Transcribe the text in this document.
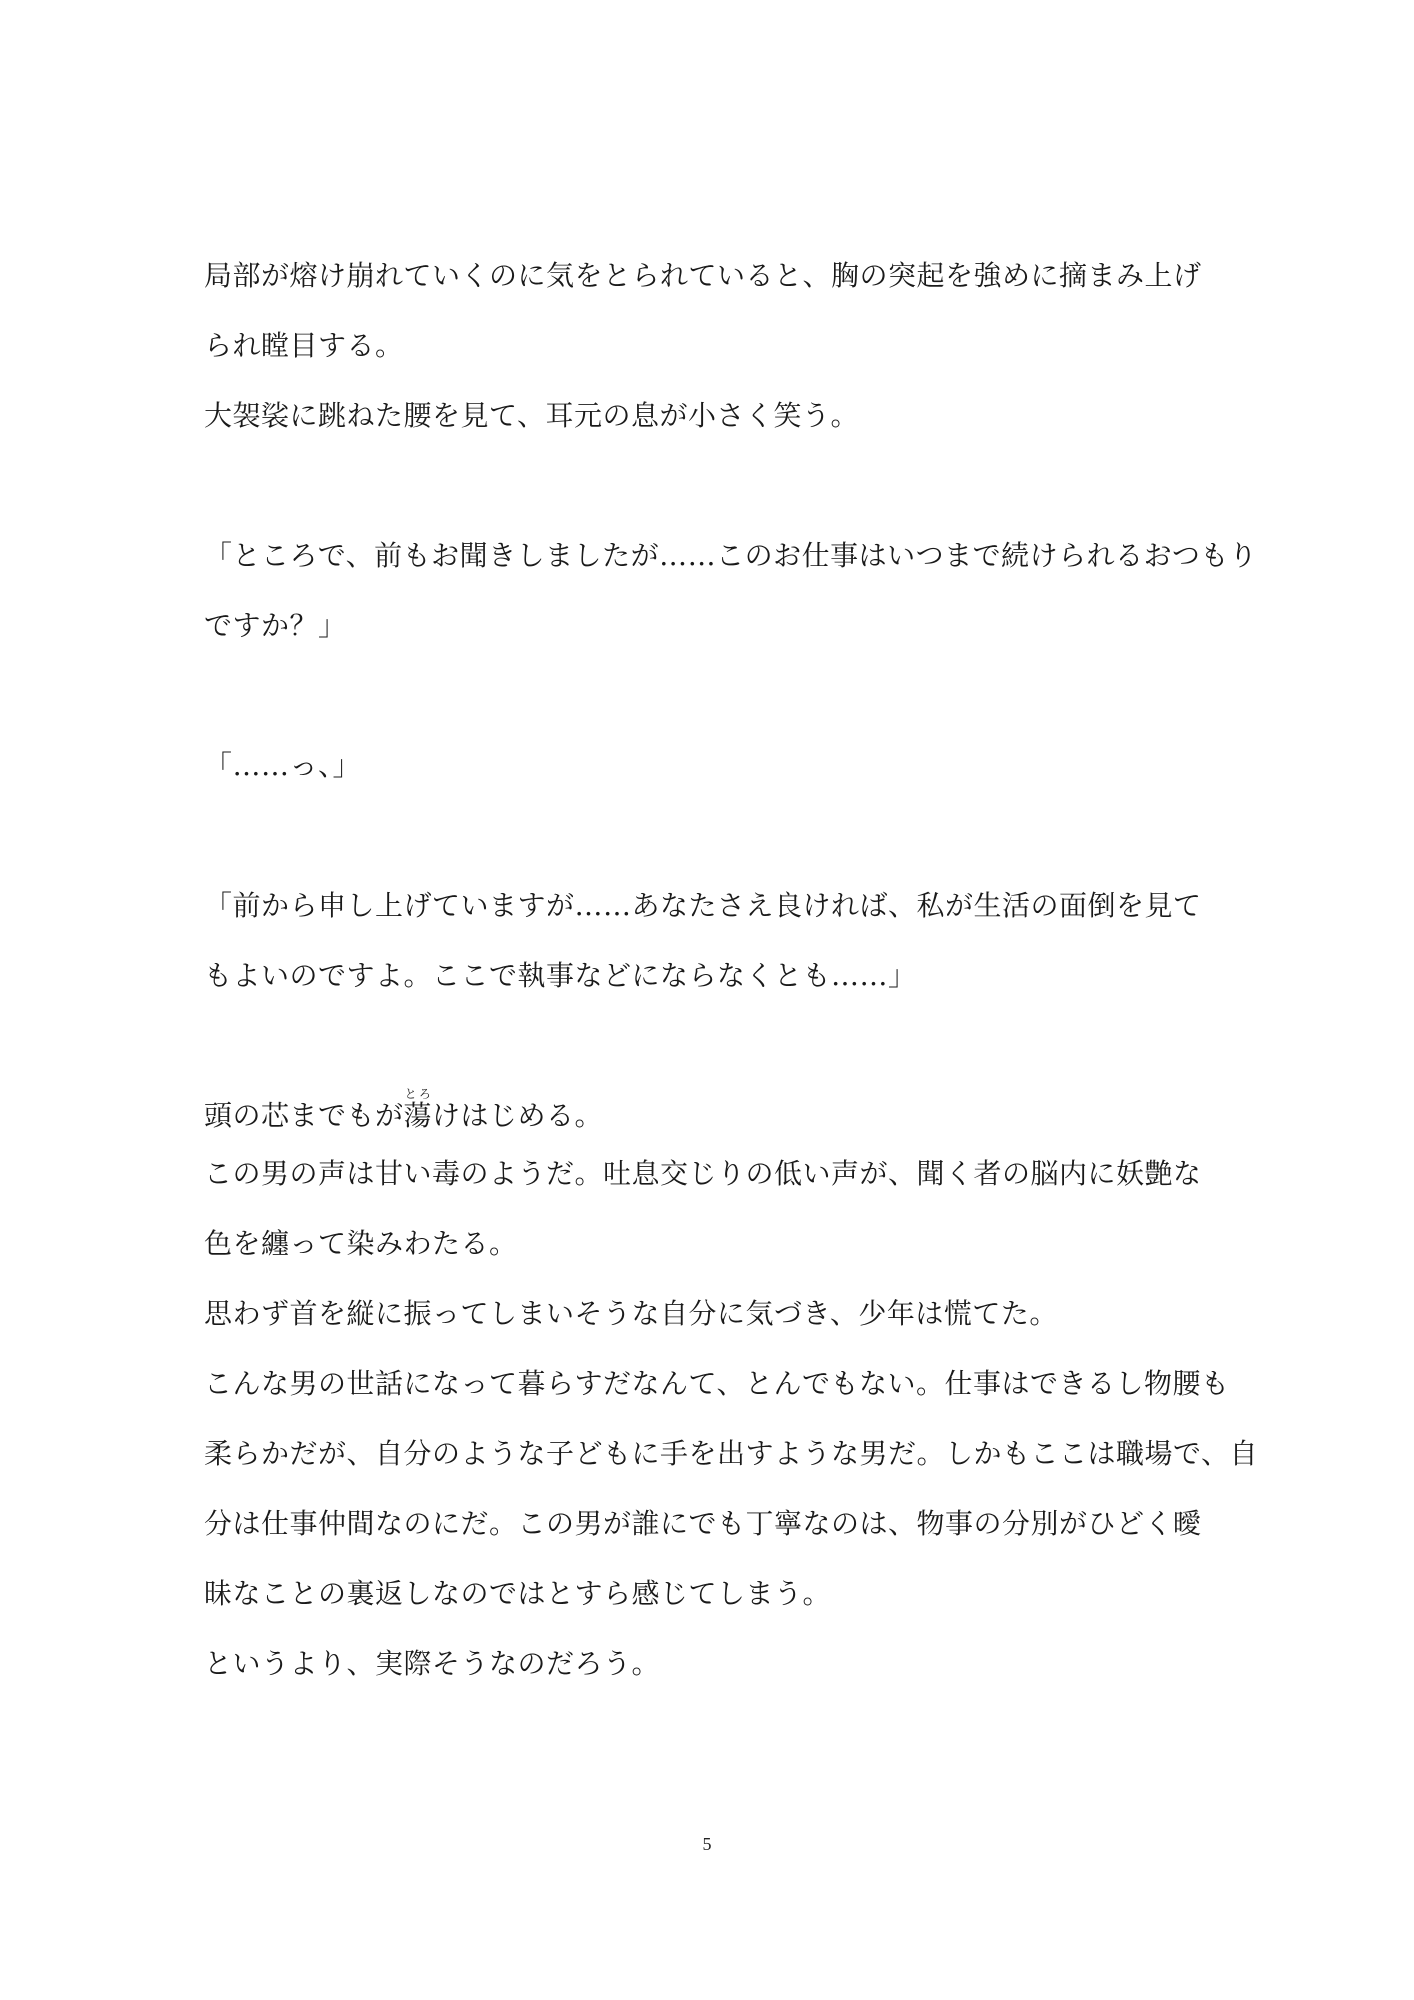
局部が熔け崩れていくのに気をとられていると、胸の突起を強めに摘まみ上げ
られ瞠目する。
大袈裟に跳ねた腰を見て、耳元の息が小さく笑う。
「ところで、前もお聞きしましたが……このお仕事はいつまで続けられるおつもり
ですか？」
「……っ、」
「前から申し上げていますが……あなたさえ良ければ、私が生活の面倒を見て
もよいのですよ。ここで執事などにならなくとも……」
頭の芯までもが蕩とろけはじめる。
この男の声は甘い毒のようだ。吐息交じりの低い声が、聞く者の脳内に妖艶な
色を纏って染みわたる。
思わず首を縦に振ってしまいそうな自分に気づき、少年は慌てた。
こんな男の世話になって暮らすだなんて、とんでもない。仕事はできるし物腰も
柔らかだが、自分のような子どもに手を出すような男だ。しかもここは職場で、自
分は仕事仲間なのにだ。この男が誰にでも丁寧なのは、物事の分別がひどく曖
昧なことの裏返しなのではとすら感じてしまう。
というより、実際そうなのだろう。
5
